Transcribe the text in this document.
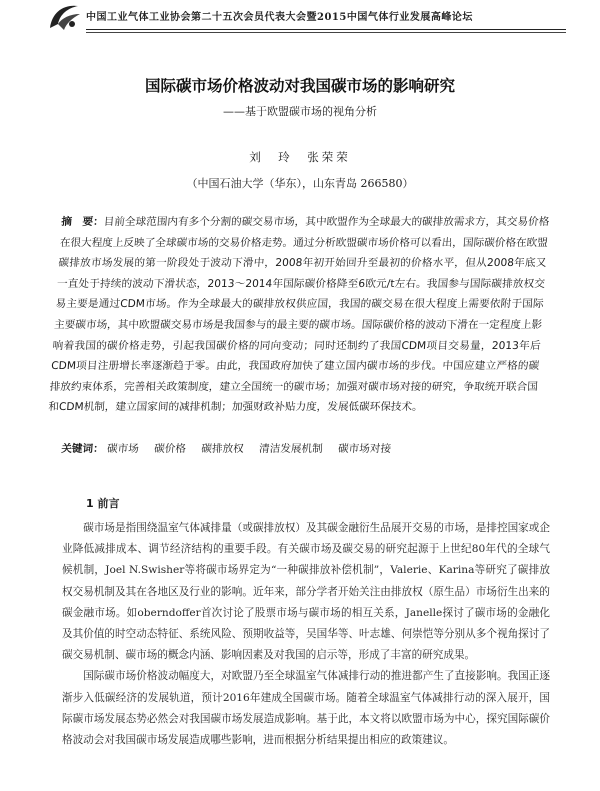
中国工业气体工业协会第二十五次会员代表大会暨2015中国气体行业发展高峰论坛
国际碳市场价格波动对我国碳市场的影响研究
——基于欧盟碳市场的视角分析
刘　玲　张荣荣
（中国石油大学（华东），山东青岛 266580）
摘　要：目前全球范围内有多个分割的碳交易市场，其中欧盟作为全球最大的碳排放需求方，其交易价格在很大程度上反映了全球碳市场的交易价格走势。通过分析欧盟碳市场价格可以看出，国际碳价格在欧盟碳排放市场发展的第一阶段处于波动下滑中，2008年初开始回升至最初的价格水平，但从2008年底又一直处于持续的波动下滑状态，2013～2014年国际碳价格降至6欧元/t左右。我国参与国际碳排放权交易主要是通过CDM市场。作为全球最大的碳排放权供应国，我国的碳交易在很大程度上需要依附于国际主要碳市场，其中欧盟碳交易市场是我国参与的最主要的碳市场。国际碳价格的波动下滑在一定程度上影响着我国的碳价格走势，引起我国碳价格的同向变动；同时还制约了我国CDM项目交易量，2013年后CDM项目注册增长率逐渐趋于零。由此，我国政府加快了建立国内碳市场的步伐。中国应建立严格的碳排放约束体系，完善相关政策制度，建立全国统一的碳市场；加强对碳市场对接的研究，争取统开联合国和CDM机制，建立国家间的减排机制；加强财政补贴力度，发展低碳环保技术。
关键词： 碳市场 碳价格 碳排放权 清洁发展机制 碳市场对接
1 前言

碳市场是指围绕温室气体减排量（或碳排放权）及其碳金融衍生品展开交易的市场，是排控国家或企业降低减排成本、调节经济结构的重要手段。有关碳市场及碳交易的研究起源于上世纪80年代的全球气候机制，Joel N.Swisher等将碳市场界定为“一种碳排放补偿机制”，Valerie、Karina等研究了碳排放权交易机制及其在各地区及行业的影响。近年来，部分学者开始关注由排放权（原生品）市场衍生出来的碳金融市场。如oberndoffer首次讨论了股票市场与碳市场的相互关系，Janelle探讨了碳市场的金融化及其价值的时空动态特征、系统风险、预期收益等，吴国华等、叶志雄、何崇恺等分别从多个视角探讨了碳交易机制、碳市场的概念内涵、影响因素及对我国的启示等，形成了丰富的研究成果。

国际碳市场价格波动幅度大，对欧盟乃至全球温室气体减排行动的推进都产生了直接影响。我国正逐渐步入低碳经济的发展轨道，预计2016年建成全国碳市场。随着全球温室气体减排行动的深入展开，国际碳市场发展态势必然会对我国碳市场发展造成影响。基于此，本文将以欧盟市场为中心，探究国际碳价格波动会对我国碳市场发展造成哪些影响，进而根据分析结果提出相应的政策建议。
